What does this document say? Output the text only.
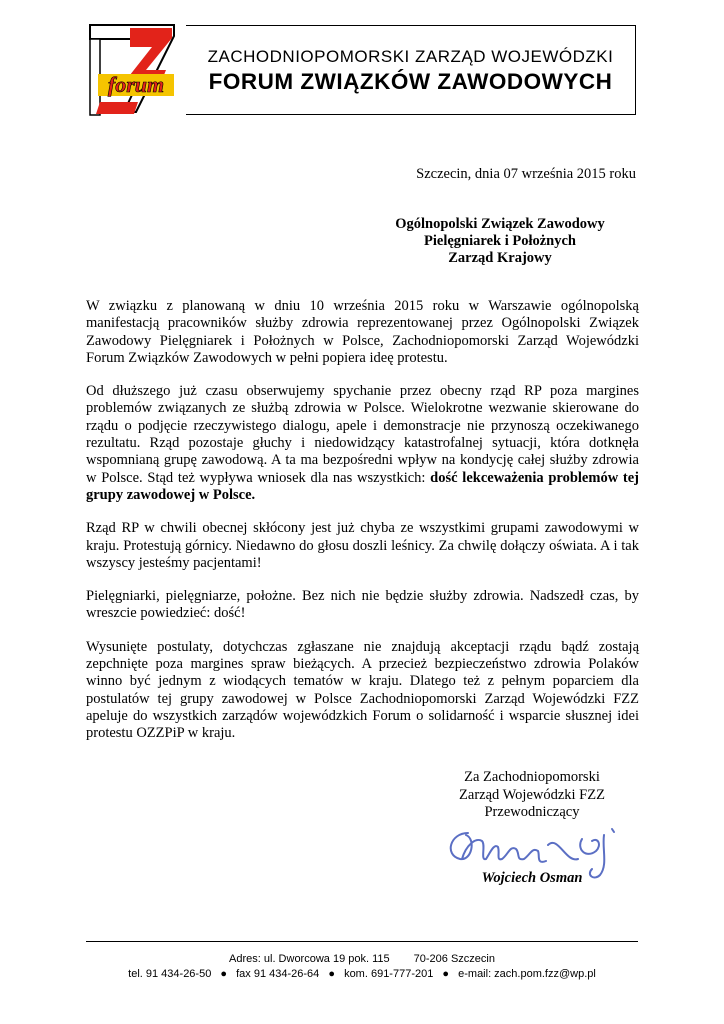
forum
ZACHODNIOPOMORSKI ZARZĄD WOJEWÓDZKI
FORUM ZWIĄZKÓW ZAWODOWYCH
Szczecin, dnia 07 września 2015 roku
Ogólnopolski Związek Zawodowy
Pielęgniarek i Położnych
Zarząd Krajowy

W związku z planowaną w dniu 10 września 2015 roku w Warszawie ogólnopolską manifestacją pracowników służby zdrowia reprezentowanej przez Ogólnopolski Związek Zawodowy Pielęgniarek i Położnych w Polsce, Zachodniopomorski Zarząd Wojewódzki Forum Związków Zawodowych w pełni popiera ideę protestu.

Od dłuższego już czasu obserwujemy spychanie przez obecny rząd RP poza margines problemów związanych ze służbą zdrowia w Polsce. Wielokrotne wezwanie skierowane do rządu o podjęcie rzeczywistego dialogu, apele i demonstracje nie przynoszą oczekiwanego rezultatu. Rząd pozostaje głuchy i niedowidzący katastrofalnej sytuacji, która dotknęła wspomnianą grupę zawodową. A ta ma bezpośredni wpływ na kondycję całej służby zdrowia w Polsce. Stąd też wypływa wniosek dla nas wszystkich: dość lekceważenia problemów tej grupy zawodowej w Polsce.

Rząd RP w chwili obecnej skłócony jest już chyba ze wszystkimi grupami zawodowymi w kraju. Protestują górnicy. Niedawno do głosu doszli leśnicy. Za chwilę dołączy oświata. A i tak wszyscy jesteśmy pacjentami!

Pielęgniarki, pielęgniarze, położne. Bez nich nie będzie służby zdrowia. Nadszedł czas, by wreszcie powiedzieć: dość!

Wysunięte postulaty, dotychczas zgłaszane nie znajdują akceptacji rządu bądź zostają zepchnięte poza margines spraw bieżących. A przecież bezpieczeństwo zdrowia Polaków winno być jednym z wiodących tematów w kraju. Dlatego też z pełnym poparciem dla postulatów tej grupy zawodowej w Polsce Zachodniopomorski Zarząd Wojewódzki FZZ apeluje do wszystkich zarządów wojewódzkich Forum o solidarność i wsparcie słusznej idei protestu OZZPiP w kraju.

Za Zachodniopomorski
Zarząd Wojewódzki FZZ
Przewodniczący
Wojciech Osman
Adres: ul. Dworcowa 19 pok. 115 70-206 Szczecin
tel. 91 434-26-50 ● fax 91 434-26-64 ● kom. 691-777-201 ● e-mail: zach.pom.fzz@wp.pl
